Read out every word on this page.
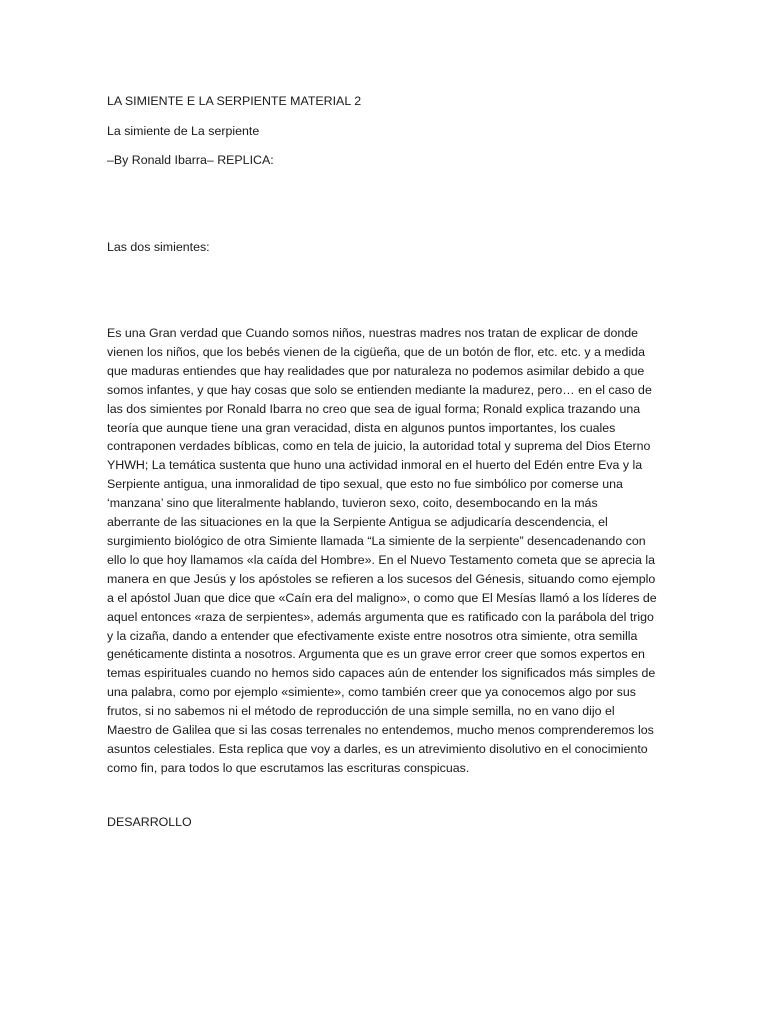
LA SIMIENTE E LA SERPIENTE MATERIAL 2
La simiente de La serpiente
–By Ronald Ibarra– REPLICA:
Las dos simientes:

Es una Gran verdad que Cuando somos niños, nuestras madres nos tratan de explicar de donde
vienen los niños, que los bebés vienen de la cigüeña, que de un botón de flor, etc. etc. y a medida
que maduras entiendes que hay realidades que por naturaleza no podemos asimilar debido a que
somos infantes, y que hay cosas que solo se entienden mediante la madurez, pero… en el caso de
las dos simientes por Ronald Ibarra no creo que sea de igual forma; Ronald explica trazando una
teoría que aunque tiene una gran veracidad, dista en algunos puntos importantes, los cuales
contraponen verdades bíblicas, como en tela de juicio, la autoridad total y suprema del Dios Eterno
YHWH; La temática sustenta que huno una actividad inmoral en el huerto del Edén entre Eva y la
Serpiente antigua, una inmoralidad de tipo sexual, que esto no fue simbólico por comerse una
‘manzana’ sino que literalmente hablando, tuvieron sexo, coito, desembocando en la más
aberrante de las situaciones en la que la Serpiente Antigua se adjudicaría descendencia, el
surgimiento biológico de otra Simiente llamada “La simiente de la serpiente” desencadenando con
ello lo que hoy llamamos «la caída del Hombre». En el Nuevo Testamento cometa que se aprecia la
manera en que Jesús y los apóstoles se refieren a los sucesos del Génesis, situando como ejemplo
a el apóstol Juan que dice que «Caín era del maligno», o como que El Mesías llamó a los líderes de
aquel entonces «raza de serpientes», además argumenta que es ratificado con la parábola del trigo
y la cizaña, dando a entender que efectivamente existe entre nosotros otra simiente, otra semilla
genéticamente distinta a nosotros. Argumenta que es un grave error creer que somos expertos en
temas espirituales cuando no hemos sido capaces aún de entender los significados más simples de
una palabra, como por ejemplo «simiente», como también creer que ya conocemos algo por sus
frutos, si no sabemos ni el método de reproducción de una simple semilla, no en vano dijo el
Maestro de Galilea que si las cosas terrenales no entendemos, mucho menos comprenderemos los
asuntos celestiales. Esta replica que voy a darles, es un atrevimiento disolutivo en el conocimiento
como fin, para todos lo que escrutamos las escrituras conspicuas.

DESARROLLO
